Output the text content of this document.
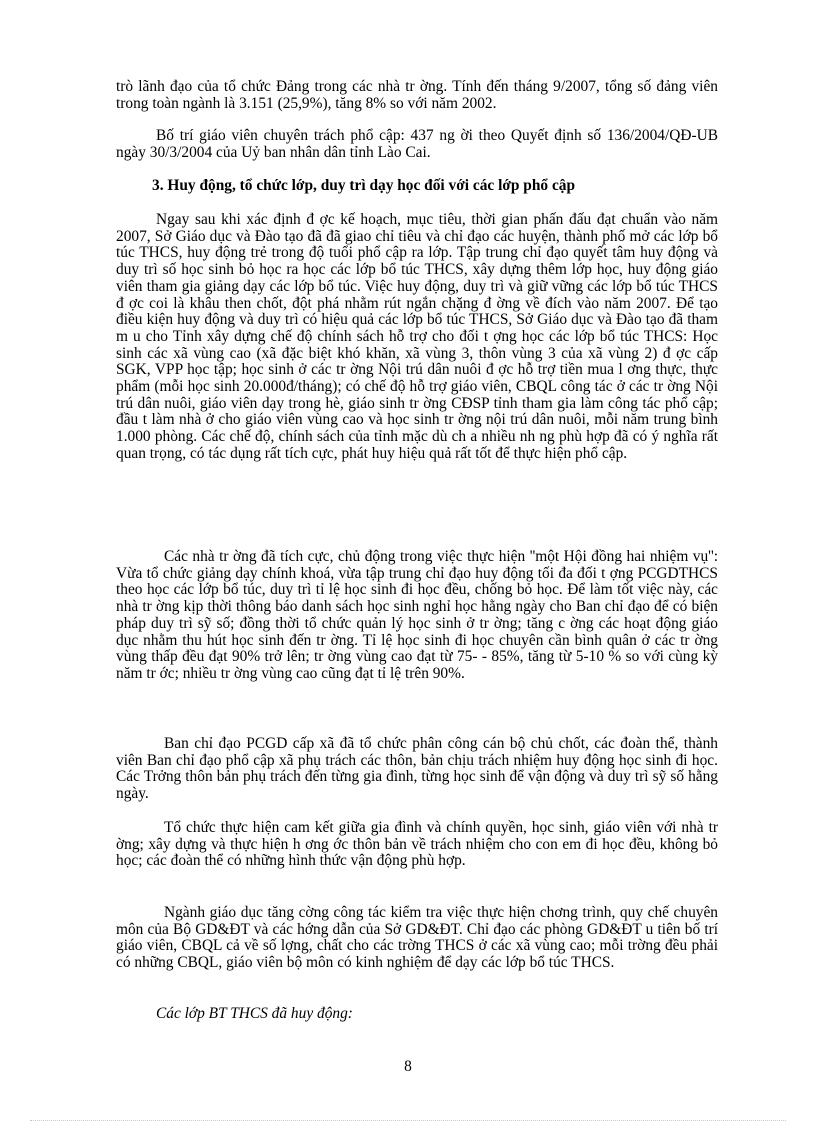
trò lãnh đạo của tổ chức Đảng trong các nhà tr ờng. Tính đến tháng 9/2007, tổng số đảng viên trong toàn ngành là 3.151 (25,9%), tăng 8% so với năm 2002.

Bố trí giáo viên chuyên trách phổ cập: 437 ng ời theo Quyết định số 136/2004/QĐ-UB ngày 30/3/2004 của Uỷ ban nhân dân tỉnh Lào Cai.

3. Huy động, tổ chức lớp, duy trì dạy học đối với các lớp phổ cập

Ngay sau khi xác định đ ợc kế hoạch, mục tiêu, thời gian phấn đấu đạt chuẩn vào năm 2007, Sở Giáo dục và Đào tạo đã đã giao chỉ tiêu và chỉ đạo các huyện, thành phố mở các lớp bổ túc THCS, huy động trẻ trong độ tuổi phổ cập ra lớp. Tập trung chỉ đạo quyết tâm huy động và duy trì số học sinh bỏ học ra học các lớp bổ túc THCS, xây dựng thêm lớp học, huy động giáo viên tham gia giảng dạy các lớp bổ túc. Việc huy động, duy trì và giữ vững các lớp bổ túc THCS đ ợc coi là khâu then chốt, đột phá nhằm rút ngắn chặng đ ờng về đích vào năm 2007. Để tạo điều kiện huy động và duy trì có hiệu quả các lớp bổ túc THCS, Sở Giáo dục và Đào tạo đã tham m u cho Tỉnh xây dựng chế độ chính sách hỗ trợ cho đối t ợng học các lớp bổ túc THCS: Học sinh các xã vùng cao (xã đặc biệt khó khăn, xã vùng 3, thôn vùng 3 của xã vùng 2) đ ợc cấp SGK, VPP học tập; học sinh ở các tr ờng Nội trú dân nuôi đ ợc hỗ trợ tiền mua l ơng thực, thực phẩm (mỗi học sinh 20.000đ/tháng); có chế độ hỗ trợ giáo viên, CBQL công tác ở các tr ờng Nội trú dân nuôi, giáo viên dạy trong hè, giáo sinh tr ờng CĐSP tỉnh tham gia làm công tác phổ cập; đầu t làm nhà ở cho giáo viên vùng cao và học sinh tr ờng nội trú dân nuôi, mỗi năm trung bình 1.000 phòng. Các chế độ, chính sách của tỉnh mặc dù ch a nhiều nh ng phù hợp đã có ý nghĩa rất quan trọng, có tác dụng rất tích cực, phát huy hiệu quả rất tốt để thực hiện phổ cập.

Các nhà tr ờng đã tích cực, chủ động trong việc thực hiện ''một Hội đồng hai nhiệm vụ'': Vừa tổ chức giảng dạy chính khoá, vừa tập trung chỉ đạo huy động tối đa đối t ợng PCGDTHCS theo học các lớp bổ túc, duy trì tỉ lệ học sinh đi học đều, chống bỏ học. Để làm tốt việc này, các nhà tr ờng kịp thời thông báo danh sách học sinh nghỉ học hằng ngày cho Ban chỉ đạo để có biện pháp duy trì sỹ số; đồng thời tổ chức quản lý học sinh ở tr ờng; tăng c ờng các hoạt động giáo dục nhằm thu hút học sinh đến tr ờng. Tỉ lệ học sinh đi học chuyên cần bình quân ở các tr ờng vùng thấp đều đạt 90% trở lên; tr ờng vùng cao đạt từ 75- - 85%, tăng từ 5-10 % so với cùng kỳ năm tr ớc; nhiều tr ờng vùng cao cũng đạt tỉ lệ trên 90%.

Ban chỉ đạo PCGD cấp xã đã tổ chức phân công cán bộ chủ chốt, các đoàn thể, thành viên Ban chỉ đạo phổ cập xã phụ trách các thôn, bản chịu trách nhiệm huy động học sinh đi học. Các Trởng thôn bản phụ trách đến từng gia đình, từng học sinh để vận động và duy trì sỹ số hằng ngày.

Tổ chức thực hiện cam kết giữa gia đình và chính quyền, học sinh, giáo viên với nhà tr ờng; xây dựng và thực hiện h ơng ớc thôn bản về trách nhiệm cho con em đi học đều, không bỏ học; các đoàn thể có những hình thức vận động phù hợp.

Ngành giáo dục tăng cờng công tác kiểm tra việc thực hiện chơng trình, quy chế chuyên môn của Bộ GD&ĐT và các hớng dẫn của Sở GD&ĐT. Chỉ đạo các phòng GD&ĐT u tiên bố trí giáo viên, CBQL cả về số lợng, chất cho các trờng THCS ở các xã vùng cao; mỗi trờng đều phải có những CBQL, giáo viên bộ môn có kinh nghiệm để dạy các lớp bổ túc THCS.

Các lớp BT THCS đã huy động:

8
